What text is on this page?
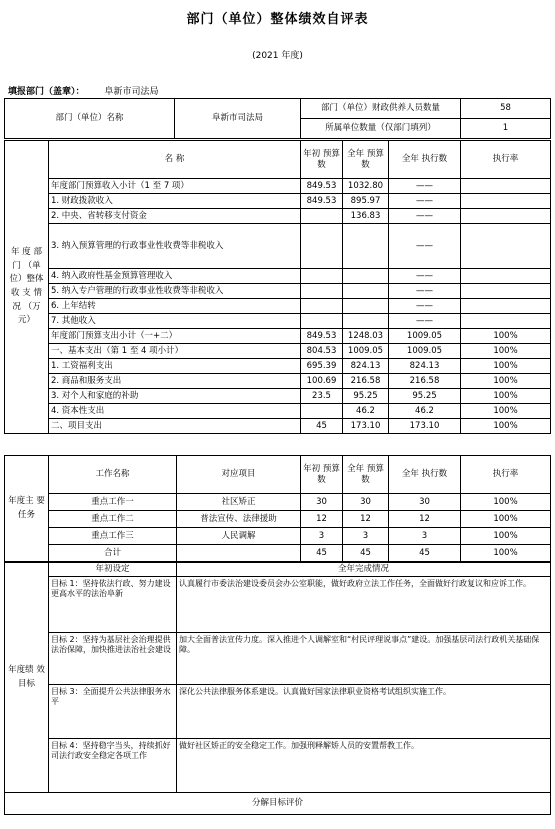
部门（单位）整体绩效自评表
(2021 年度)
填报部门（盖章）： 阜新市司法局
部门（单位）名称	阜新市司法局	部门（单位）财政供养人员数量	58
		所属单位数量（仅部门填列）	1
年 度 部 门 （单 位）整体 收 支 情 况 （万元）	名 称	年初 预算数	全年 预算数	全年 执行数	执行率
	年度部门预算收入小计（1 至 7 项）	849.53	1032.80	——	
	1. 财政拨款收入	849.53	895.97	——	
	2. 中央、省转移支付资金		136.83	——	
	3. 纳入预算管理的行政事业性收费等非税收入			——	
	4. 纳入政府性基金预算管理收入			——	
	5. 纳入专户管理的行政事业性收费等非税收入			——	
	6. 上年结转			——	
	7. 其他收入			——	
	年度部门预算支出小计（一+二）	849.53	1248.03	1009.05	100%
	一、基本支出（第 1 至 4 项小计）	804.53	1009.05	1009.05	100%
	1. 工资福利支出	695.39	824.13	824.13	100%
	2. 商品和服务支出	100.69	216.58	216.58	100%
	3. 对个人和家庭的补助	23.5	95.25	95.25	100%
	4. 资本性支出		46.2	46.2	100%
	二、项目支出	45	173.10	173.10	100%
年度主 要任务	工作名称	对应项目	年初 预算数	全年 预算数	全年 执行数	执行率
	重点工作一	社区矫正	30	30	30	100%
	重点工作二	普法宣传、法律援助	12	12	12	100%
	重点工作三	人民调解	3	3	3	100%
	合计		45	45	45	100%
年度绩 效目标	年初设定	全年完成情况
	目标 1：坚持依法行政、努力建设更高水平的法治阜新	认真履行市委法治建设委员会办公室职能，做好政府立法工作任务，全面做好行政复议和应诉工作。
	目标 2：坚持为基层社会治理提供法治保障，加快推进法治社会建设	加大全面普法宣传力度。深入推进个人调解室和“村民评理说事点”建设。加强基层司法行政机关基础保障。
	目标 3：全面提升公共法律服务水平	深化公共法律服务体系建设。认真做好国家法律职业资格考试组织实施工作。
	目标 4：坚持稳字当头，持续抓好司法行政安全稳定各项工作	做好社区矫正的安全稳定工作。加强刑释解矫人员的安置帮教工作。
分解目标评价		
